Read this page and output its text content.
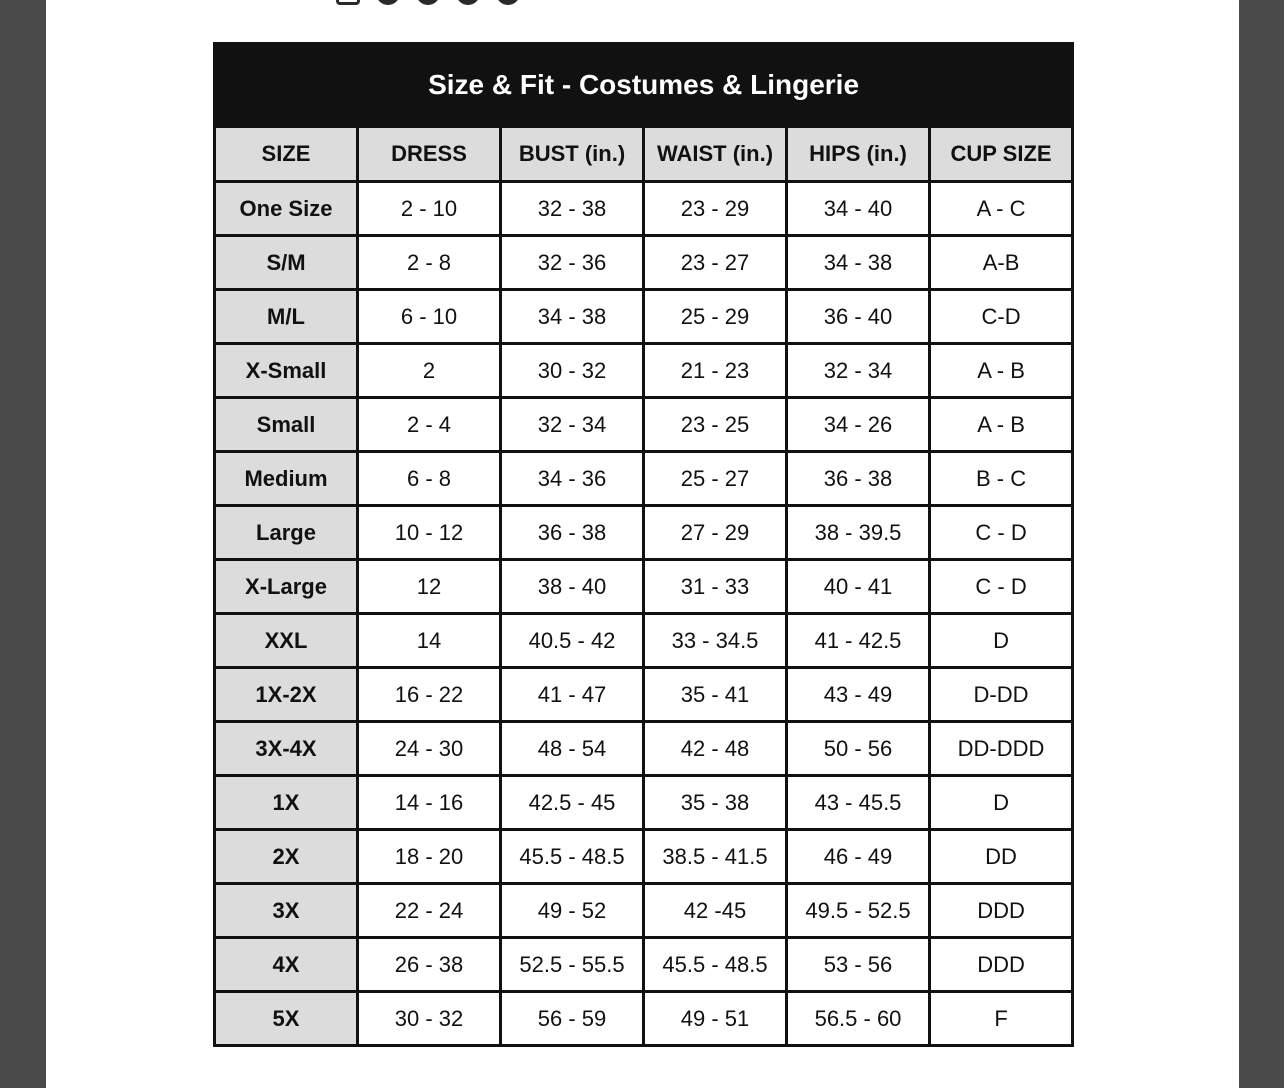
Size & Fit - Costumes & Lingerie					
SIZE	DRESS	BUST (in.)	WAIST (in.)	HIPS (in.)	CUP SIZE
One Size	2 - 10	32 - 38	23 - 29	34 - 40	A - C
S/M	2 - 8	32 - 36	23 - 27	34 - 38	A-B
M/L	6 - 10	34 - 38	25 - 29	36 - 40	C-D
X-Small	2	30 - 32	21 - 23	32 - 34	A - B
Small	2 - 4	32 - 34	23 - 25	34 - 26	A - B
Medium	6 - 8	34 - 36	25 - 27	36 - 38	B - C
Large	10 - 12	36 - 38	27 - 29	38 - 39.5	C - D
X-Large	12	38 - 40	31 - 33	40 - 41	C - D
XXL	14	40.5 - 42	33 - 34.5	41 - 42.5	D
1X-2X	16 - 22	41 - 47	35 - 41	43 - 49	D-DD
3X-4X	24 - 30	48 - 54	42 - 48	50 - 56	DD-DDD
1X	14 - 16	42.5 - 45	35 - 38	43 - 45.5	D
2X	18 - 20	45.5 - 48.5	38.5 - 41.5	46 - 49	DD
3X	22 - 24	49 - 52	42 -45	49.5 - 52.5	DDD
4X	26 - 38	52.5 - 55.5	45.5 - 48.5	53 - 56	DDD
5X	30 - 32	56 - 59	49 - 51	56.5 - 60	F
